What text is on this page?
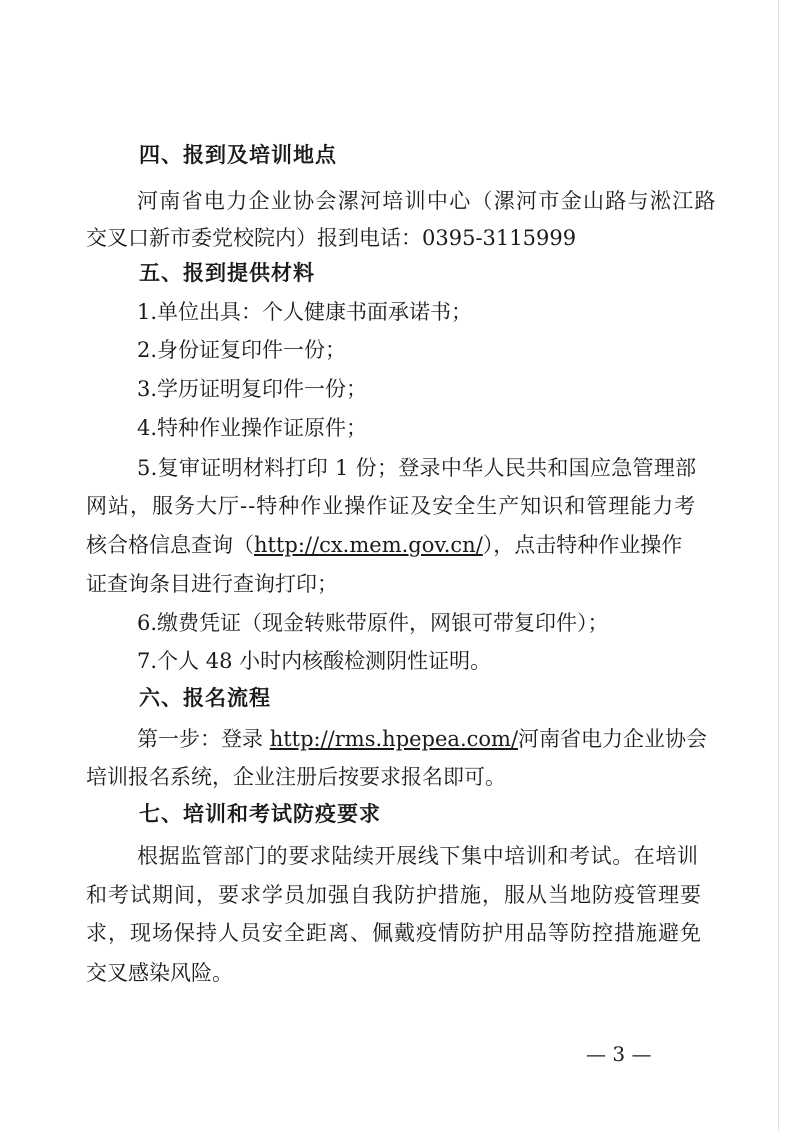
四、报到及培训地点
河南省电力企业协会漯河培训中心（漯河市金山路与淞江路
交叉口新市委党校院内）报到电话：0395-3115999
五、报到提供材料
1.单位出具：个人健康书面承诺书；
2.身份证复印件一份；
3.学历证明复印件一份；
4.特种作业操作证原件；
5.复审证明材料打印 1 份；登录中华人民共和国应急管理部
网站，服务大厅--特种作业操作证及安全生产知识和管理能力考
核合格信息查询（http://cx.mem.gov.cn/），点击特种作业操作
证查询条目进行查询打印；
6.缴费凭证（现金转账带原件，网银可带复印件）；
7.个人 48 小时内核酸检测阴性证明。
六、报名流程
第一步：登录 http://rms.hpepea.com/河南省电力企业协会
培训报名系统，企业注册后按要求报名即可。
七、培训和考试防疫要求
根据监管部门的要求陆续开展线下集中培训和考试。在培训
和考试期间，要求学员加强自我防护措施，服从当地防疫管理要
求，现场保持人员安全距离、佩戴疫情防护用品等防控措施避免
交叉感染风险。
— 3 —
